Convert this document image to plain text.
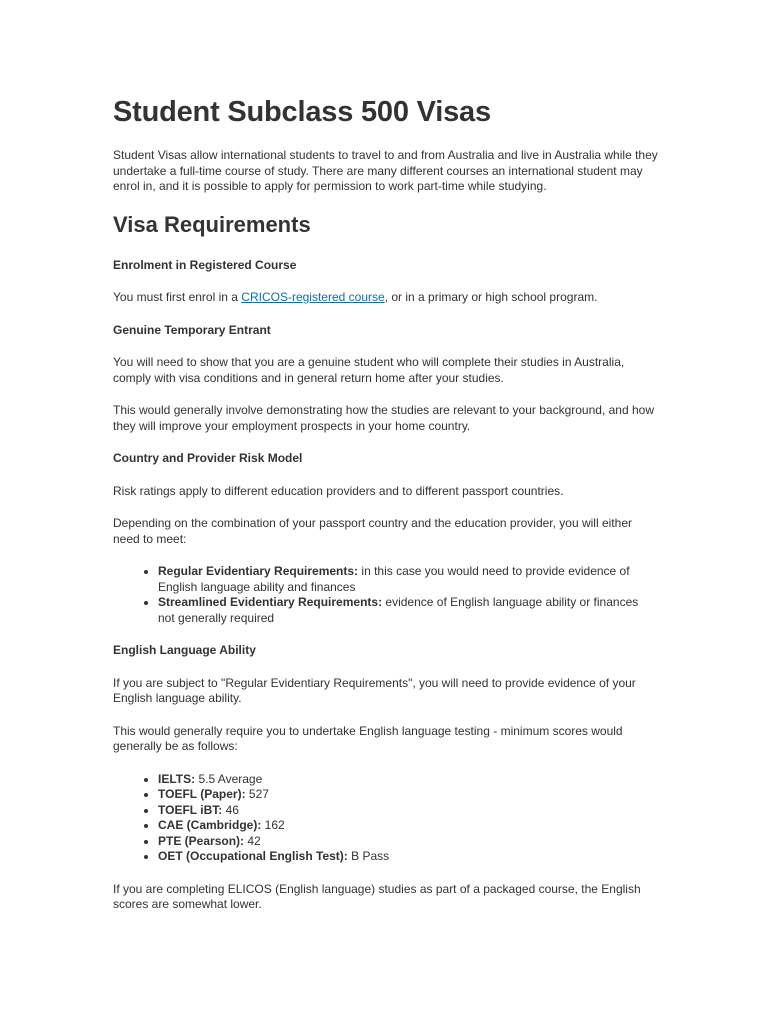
Student Subclass 500 Visas

Student Visas allow international students to travel to and from Australia and live in Australia while they undertake a full-time course of study. There are many different courses an international student may enrol in, and it is possible to apply for permission to work part-time while studying.

Visa Requirements

Enrolment in Registered Course

You must first enrol in a CRICOS-registered course, or in a primary or high school program.

Genuine Temporary Entrant

You will need to show that you are a genuine student who will complete their studies in Australia, comply with visa conditions and in general return home after your studies.

This would generally involve demonstrating how the studies are relevant to your background, and how they will improve your employment prospects in your home country.

Country and Provider Risk Model

Risk ratings apply to different education providers and to different passport countries.

Depending on the combination of your passport country and the education provider, you will either need to meet:

• Regular Evidentiary Requirements: in this case you would need to provide evidence of English language ability and finances
• Streamlined Evidentiary Requirements: evidence of English language ability or finances not generally required

English Language Ability

If you are subject to "Regular Evidentiary Requirements", you will need to provide evidence of your English language ability.

This would generally require you to undertake English language testing - minimum scores would generally be as follows:

• IELTS: 5.5 Average
• TOEFL (Paper): 527
• TOEFL iBT: 46
• CAE (Cambridge): 162
• PTE (Pearson): 42
• OET (Occupational English Test): B Pass

If you are completing ELICOS (English language) studies as part of a packaged course, the English scores are somewhat lower.
